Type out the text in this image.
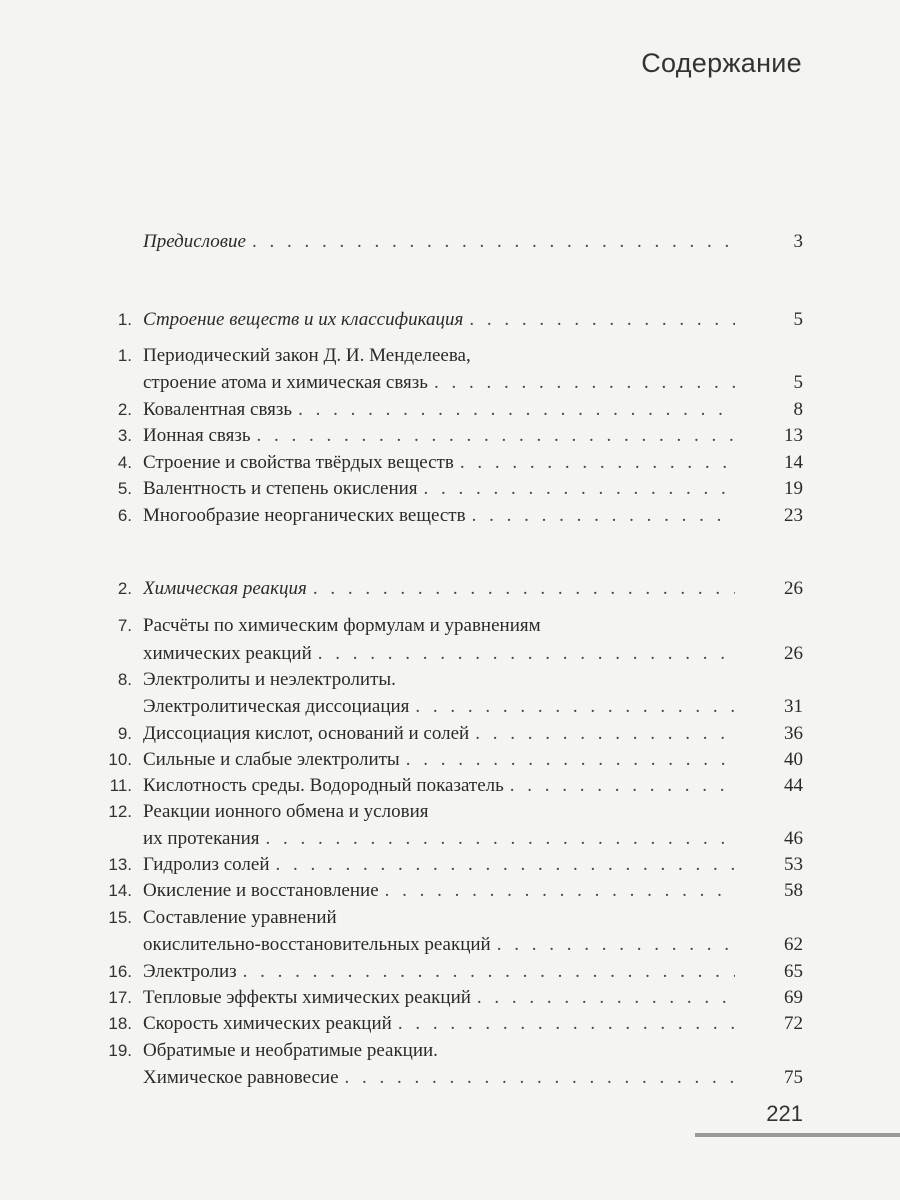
Содержание
Предисловие . . .	3
1. Строение веществ и их классификация . . .	5
1. Периодический закон Д. И. Менделеева,
строение атома и химическая связь . . .	5
2. Ковалентная связь . . .	8
3. Ионная связь . . .	13
4. Строение и свойства твёрдых веществ . . .	14
5. Валентность и степень окисления . . .	19
6. Многообразие неорганических веществ . . .	23
2. Химическая реакция . . .	26
7. Расчёты по химическим формулам и уравнениям
химических реакций . . .	26
8. Электролиты и неэлектролиты.
Электролитическая диссоциация . . .	31
9. Диссоциация кислот, оснований и солей . . .	36
10. Сильные и слабые электролиты . . .	40
11. Кислотность среды. Водородный показатель . . .	44
12. Реакции ионного обмена и условия
их протекания . . .	46
13. Гидролиз солей . . .	53
14. Окисление и восстановление . . .	58
15. Составление уравнений
окислительно-восстановительных реакций . . .	62
16. Электролиз . . .	65
17. Тепловые эффекты химических реакций . . .	69
18. Скорость химических реакций . . .	72
19. Обратимые и необратимые реакции.
Химическое равновесие . . .	75
221
